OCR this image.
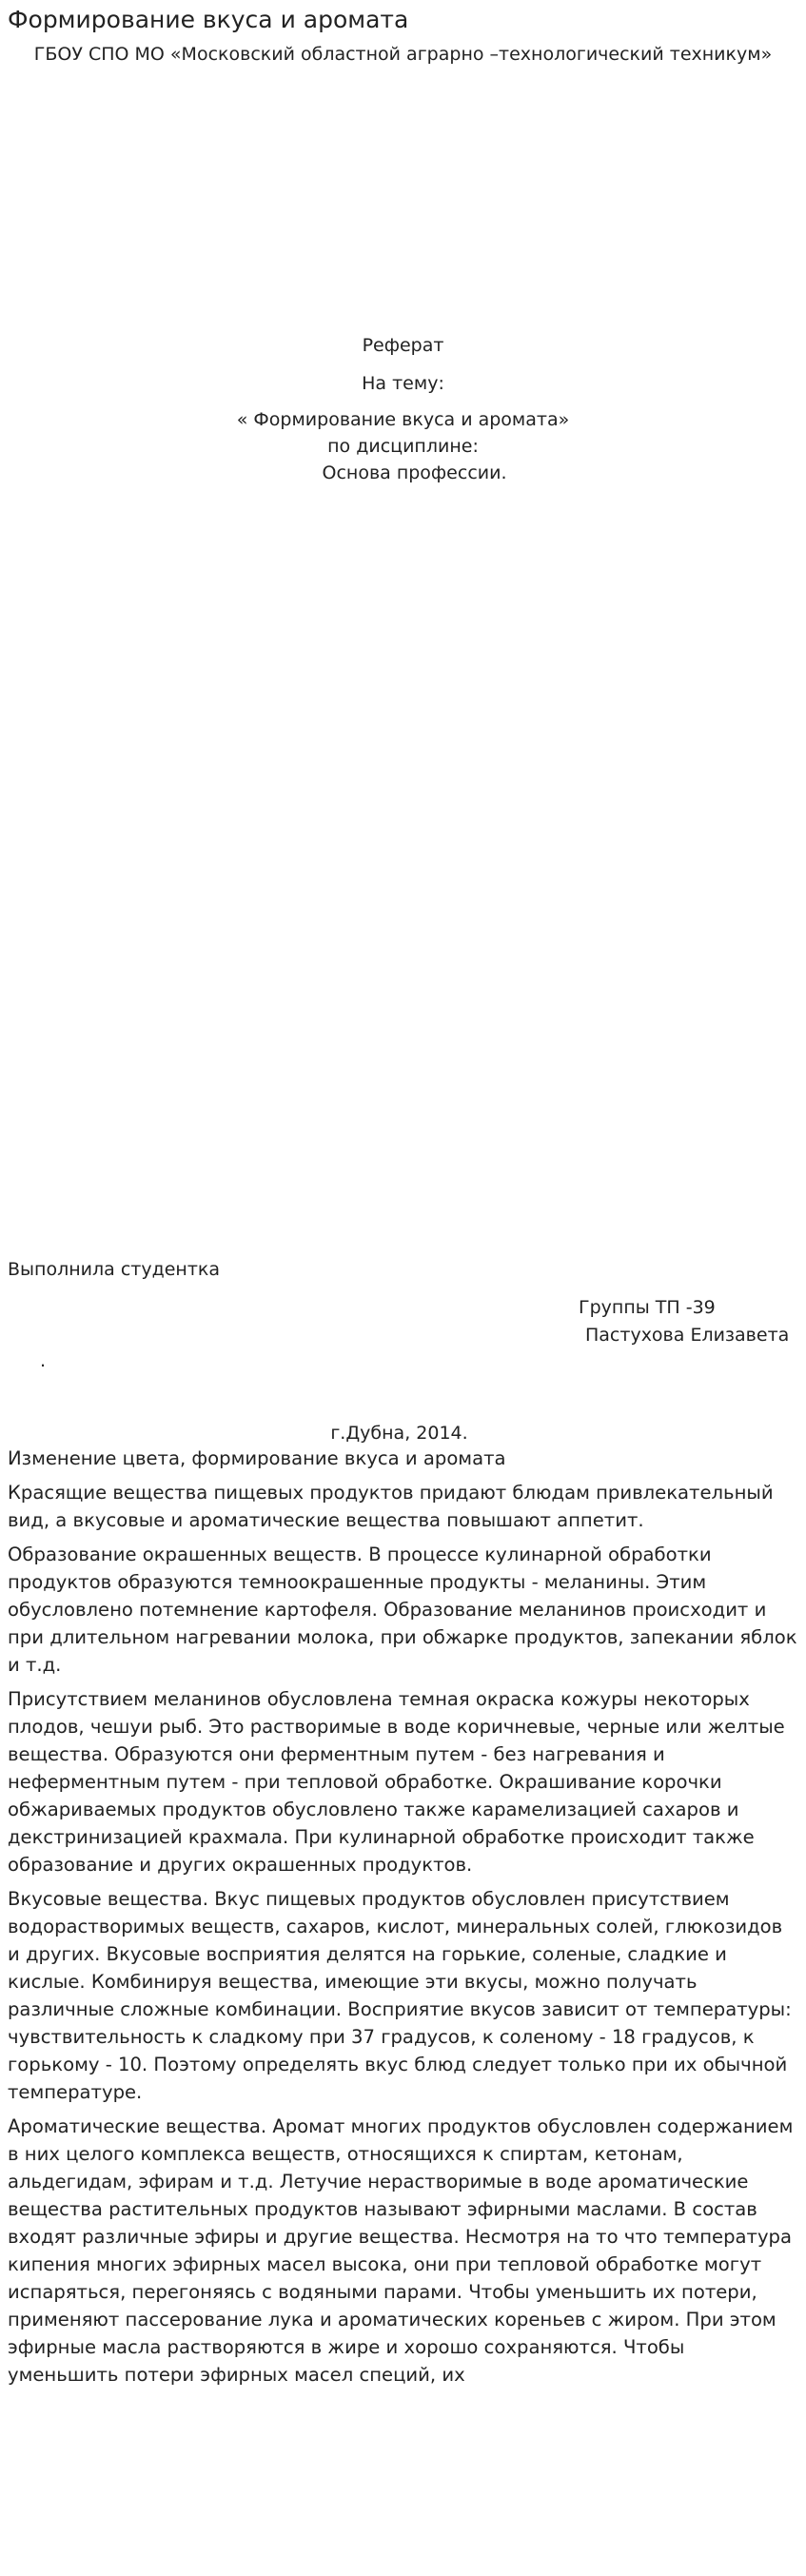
Формирование вкуса и аромата
ГБОУ СПО МО «Московский областной аграрно –технологический техникум»
Реферат
На тему:
« Формирование вкуса и аромата»
по дисциплине:
Основа профессии.
Выполнила студентка
Группы ТП -39
Пастухова Елизавета
.
г.Дубна, 2014.

Изменение цвета, формирование вкуса и аромата

Красящие вещества пищевых продуктов придают блюдам привлекательный вид, а вкусовые и ароматические вещества повышают аппетит.

Образование окрашенных веществ. В процессе кулинарной обработки продуктов образуются темноокрашенные продукты - меланины. Этим обусловлено потемнение картофеля. Образование меланинов происходит и при длительном нагревании молока, при обжарке продуктов, запекании яблок и т.д.

Присутствием меланинов обусловлена темная окраска кожуры некоторых плодов, чешуи рыб. Это растворимые в воде коричневые, черные или желтые вещества. Образуются они ферментным путем - без нагревания и неферментным путем - при тепловой обработке. Окрашивание корочки обжариваемых продуктов обусловлено также карамелизацией сахаров и декстринизацией крахмала. При кулинарной обработке происходит также образование и других окрашенных продуктов.

Вкусовые вещества. Вкус пищевых продуктов обусловлен присутствием водорастворимых веществ, сахаров, кислот, минеральных солей, глюкозидов и других. Вкусовые восприятия делятся на горькие, соленые, сладкие и кислые. Комбинируя вещества, имеющие эти вкусы, можно получать различные сложные комбинации. Восприятие вкусов зависит от температуры: чувствительность к сладкому при 37 градусов, к соленому - 18 градусов, к горькому - 10. Поэтому определять вкус блюд следует только при их обычной температуре.

Ароматические вещества. Аромат многих продуктов обусловлен содержанием в них целого комплекса веществ, относящихся к спиртам, кетонам, альдегидам, эфирам и т.д. Летучие нерастворимые в воде ароматические вещества растительных продуктов называют эфирными маслами. В состав входят различные эфиры и другие вещества. Несмотря на то что температура кипения многих эфирных масел высока, они при тепловой обработке могут испаряться, перегоняясь с водяными парами. Чтобы уменьшить их потери, применяют пассерование лука и ароматических кореньев с жиром. При этом эфирные масла растворяются в жире и хорошо сохраняются. Чтобы уменьшить потери эфирных масел специй, их
